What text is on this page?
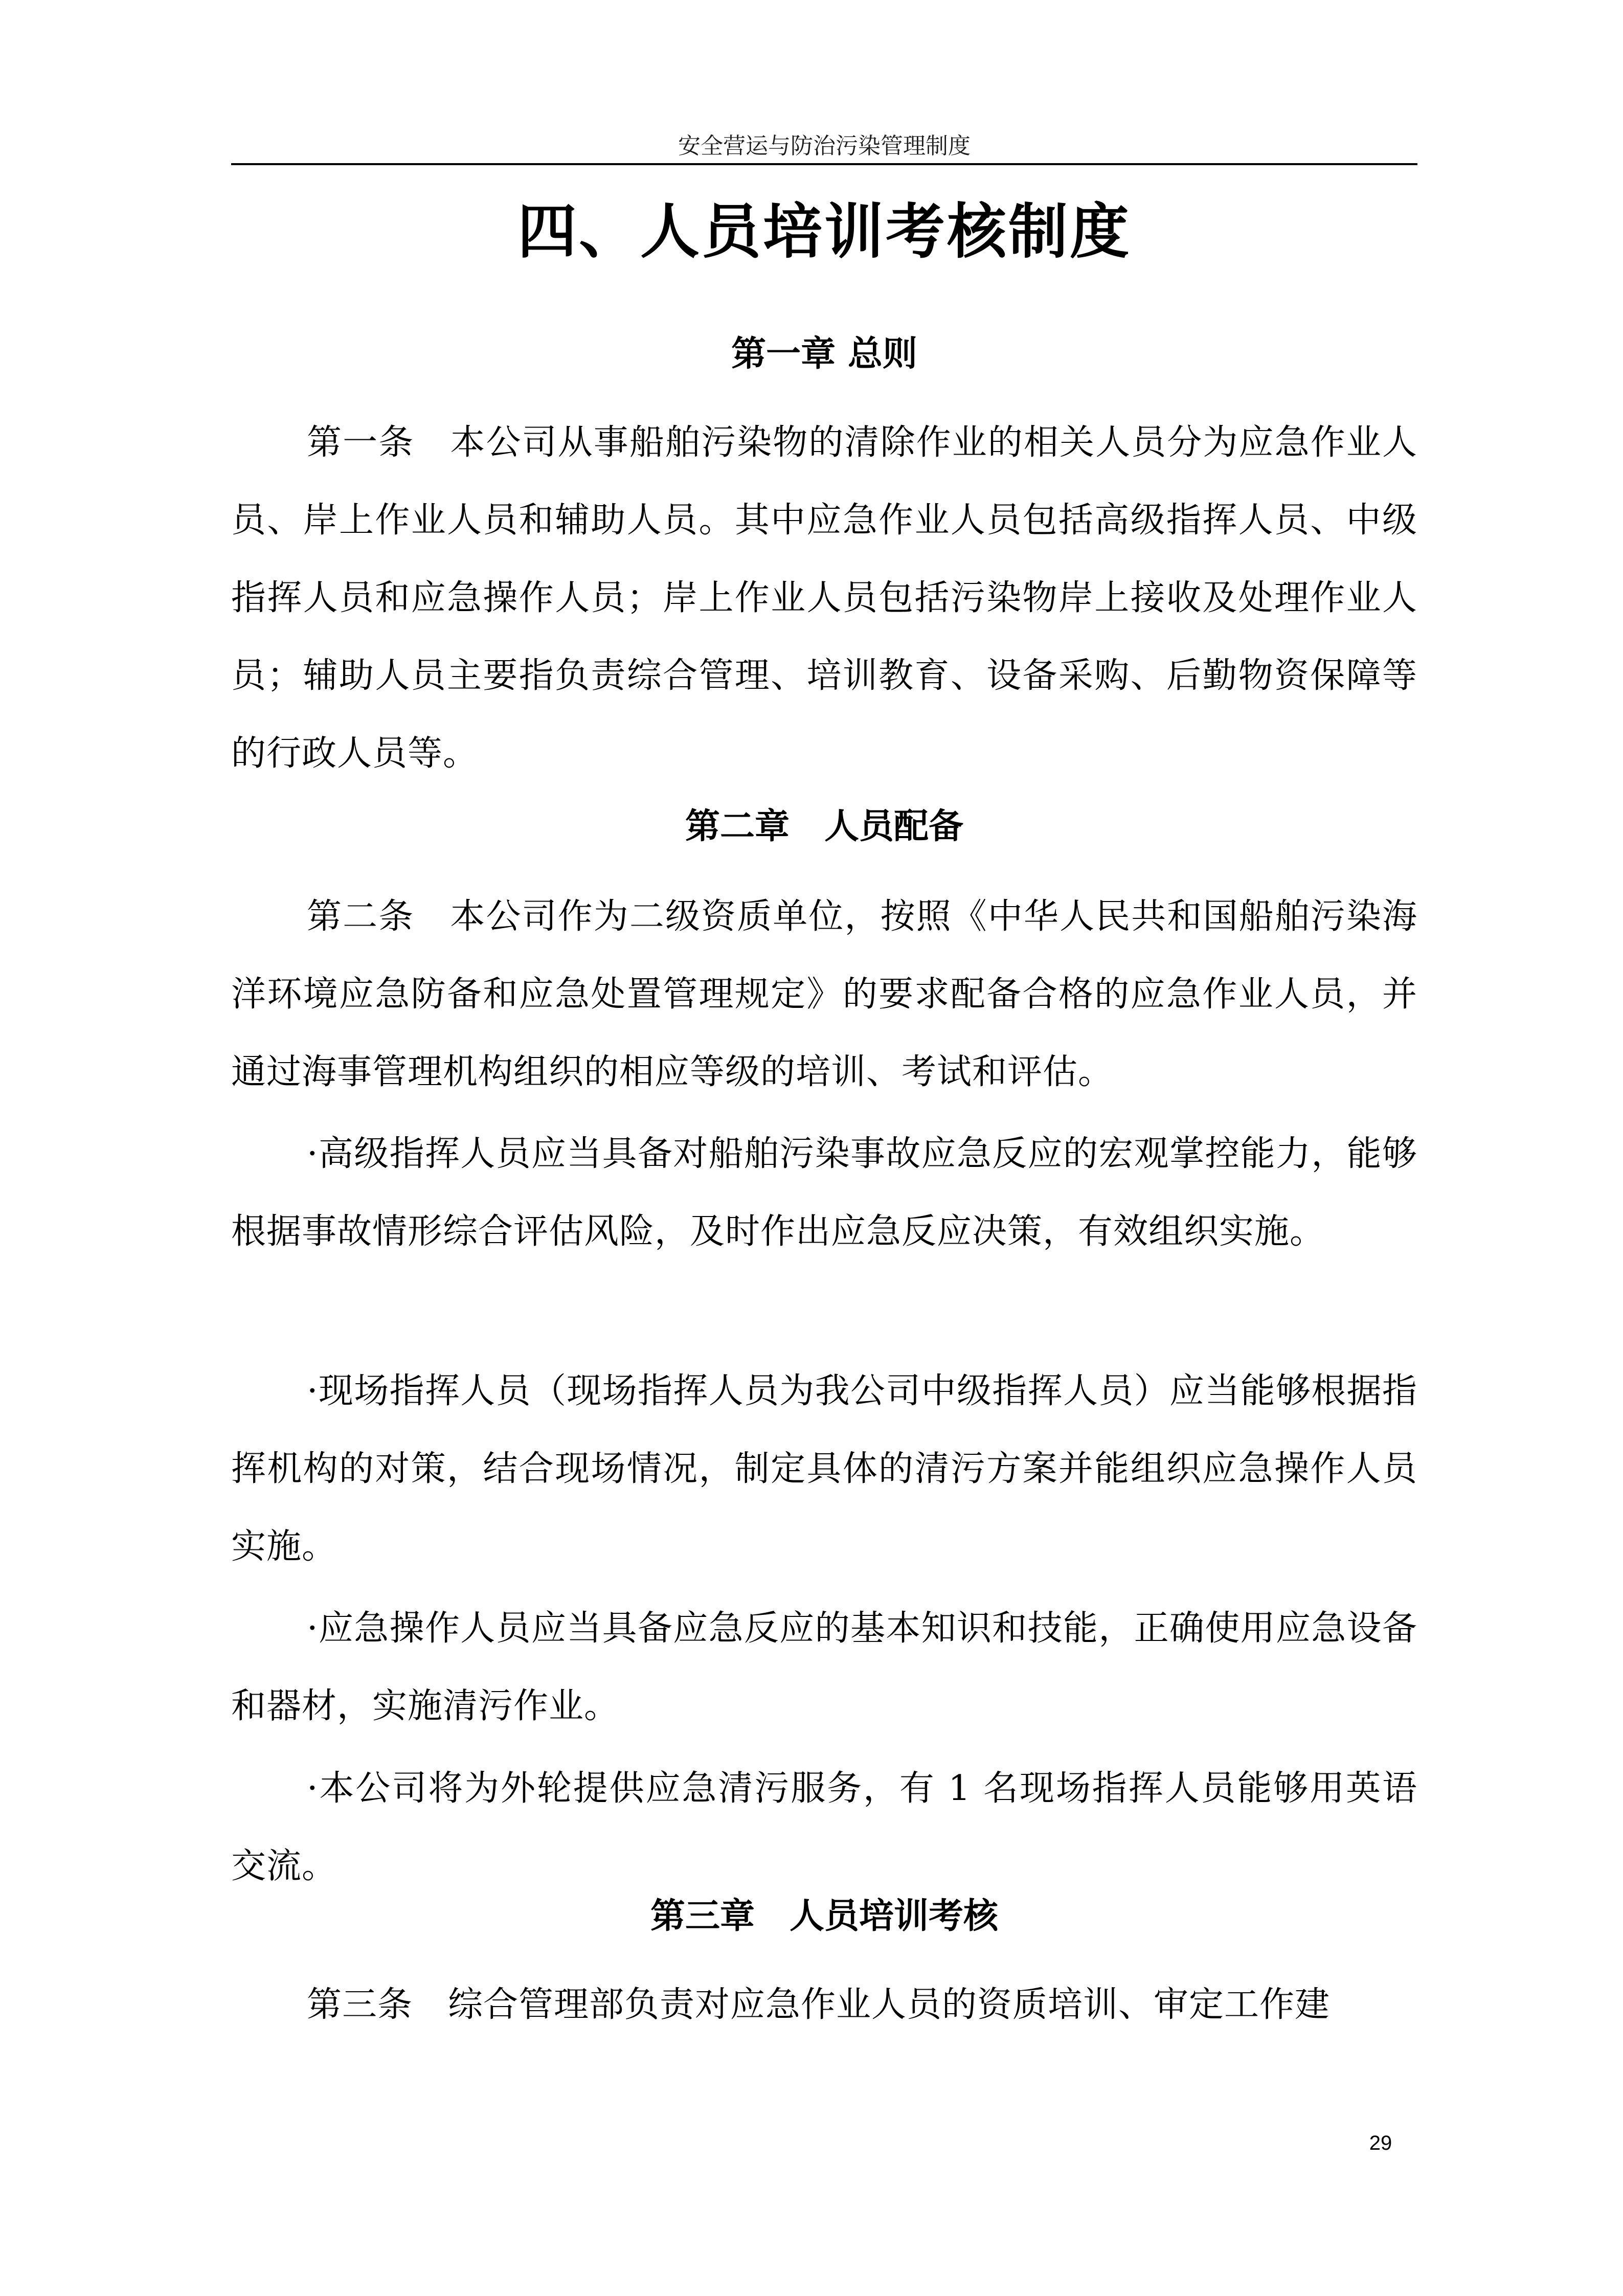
安全营运与防治污染管理制度
四、人员培训考核制度
第一章 总则

第一条　本公司从事船舶污染物的清除作业的相关人员分为应急作业人员、岸上作业人员和辅助人员。其中应急作业人员包括高级指挥人员、中级指挥人员和应急操作人员；岸上作业人员包括污染物岸上接收及处理作业人员；辅助人员主要指负责综合管理、培训教育、设备采购、后勤物资保障等的行政人员等。

第二章　人员配备

第二条　本公司作为二级资质单位，按照《中华人民共和国船舶污染海洋环境应急防备和应急处置管理规定》的要求配备合格的应急作业人员，并通过海事管理机构组织的相应等级的培训、考试和评估。

·高级指挥人员应当具备对船舶污染事故应急反应的宏观掌控能力，能够根据事故情形综合评估风险，及时作出应急反应决策，有效组织实施。

·现场指挥人员（现场指挥人员为我公司中级指挥人员）应当能够根据指挥机构的对策，结合现场情况，制定具体的清污方案并能组织应急操作人员实施。

·应急操作人员应当具备应急反应的基本知识和技能，正确使用应急设备和器材，实施清污作业。

·本公司将为外轮提供应急清污服务，有 1 名现场指挥人员能够用英语交流。

第三章　人员培训考核

第三条　综合管理部负责对应急作业人员的资质培训、审定工作建

29
